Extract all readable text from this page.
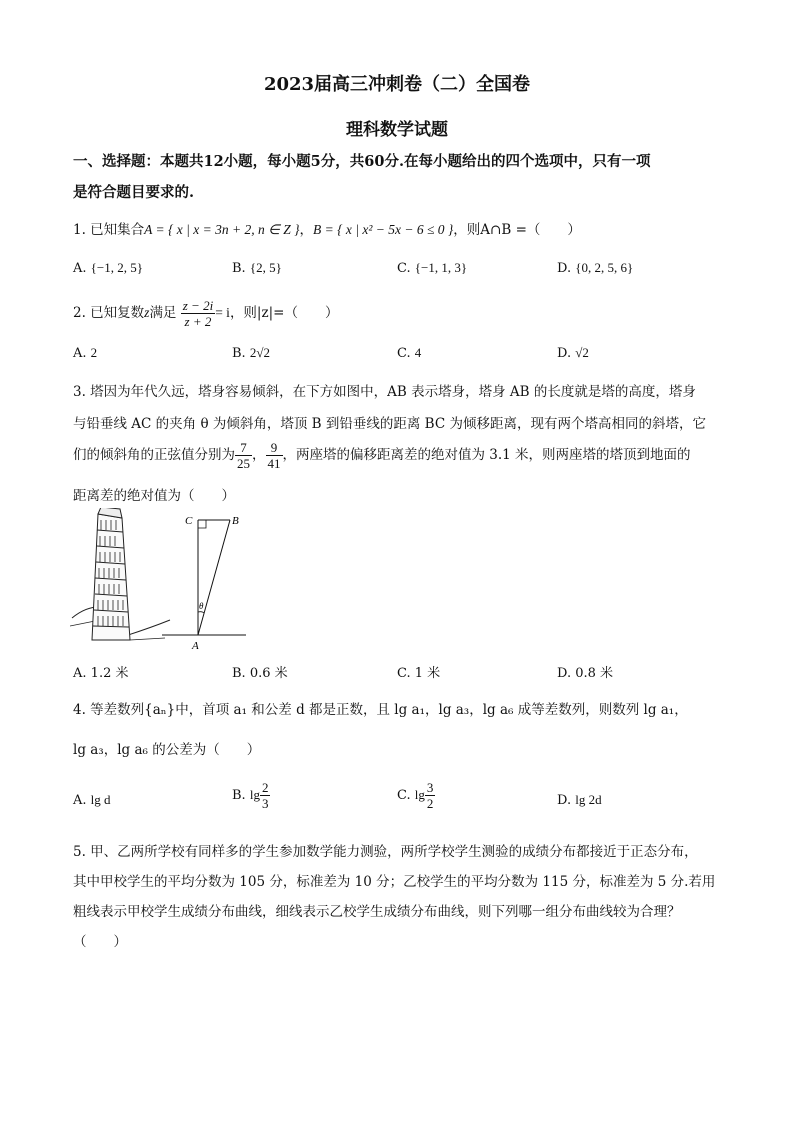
2023届高三冲刺卷（二）全国卷
理科数学试题
一、选择题：本题共12小题，每小题5分，共60分.在每小题给出的四个选项中，只有一项
是符合题目要求的.
1. 已知集合A = { x | x = 3n + 2, n ∈ Z }，B = { x | x² − 5x − 6 ≤ 0 }，则A∩B =（　　）
A. {−1, 2, 5}	B. {2, 5}	C. {−1, 1, 3}	D. {0, 2, 5, 6}
2. 已知复数z满足 $\frac{z - 2i}{z + 2} = i$，则|z|=（　　）
A. 2	B. 2√2	C. 4	D. √2
3. 塔因为年代久远，塔身容易倾斜，在下方如图中，AB 表示塔身，塔身 AB 的长度就是塔的高度，塔身
与铅垂线 AC 的夹角 θ 为倾斜角，塔顶 B 到铅垂线的距离 BC 为倾移距离，现有两个塔高相同的斜塔，它
们的倾斜角的正弦值分别为 $\frac{7}{25}$ ， $\frac{9}{41}$ ，两座塔的偏移距离差的绝对值为 3.1 米，则两座塔的塔顶到地面的
距离差的绝对值为（　　）
C	B
A
θ
A. 1.2 米	B. 0.6 米	C. 1 米	D. 0.8 米
4. 等差数列{aₙ}中，首项 a₁ 和公差 d 都是正数，且 lg a₁，lg a₃，lg a₆ 成等差数列，则数列 lg a₁，
lg a₃，lg a₆ 的公差为（　　）
A. lg d	B. $\lg \frac{2}{3}$	C. $\lg \frac{3}{2}$	D. lg 2d
5. 甲、乙两所学校有同样多的学生参加数学能力测验，两所学校学生测验的成绩分布都接近于正态分布，
其中甲校学生的平均分数为 105 分，标准差为 10 分；乙校学生的平均分数为 115 分，标准差为 5 分.若用
粗线表示甲校学生成绩分布曲线，细线表示乙校学生成绩分布曲线，则下列哪一组分布曲线较为合理？
（　　）
